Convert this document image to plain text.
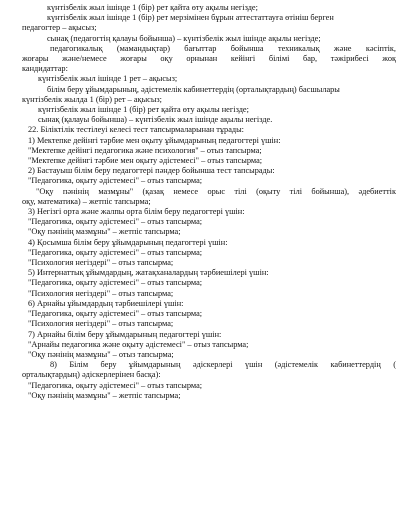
күнтізбелік жыл ішінде 1 (бір) рет қайта өту ақылы негізде;
күнтізбелік жыл ішінде 1 (бір) рет мерзімінен бұрын аттестаттауға өтініш берген
педагогтер – ақысыз;
сынақ (педагогтің қалауы бойынша) – күнтізбелік жыл ішінде ақылы негізде;
педагогикалық (мамандықтар) бағыттар бойынша техникалық және кәсіптік,
жоғары және/немесе жоғары оқу орнынан кейінгі білімі бар, тәжірибесі жоқ
кандидаттар:
күнтізбелік жыл ішінде 1 рет – ақысыз;
білім беру ұйымдарының, әдістемелік кабинеттердің (орталықтардың) басшылары
күнтізбелік жылда 1 (бір) рет – ақысыз;
күнтізбелік жыл ішінде 1 (бір) рет қайта өту ақылы негізде;
сынақ (қалауы бойынша) – күнтізбелік жыл ішінде ақылы негізде.
22. Біліктілік тестілеуі келесі тест тапсырмаларынан тұрады:
1) Мектепке дейінгі тәрбие мен оқыту ұйымдарының педагогтері үшін:
"Мектепке дейінгі педагогика және психология" – отыз тапсырма;
"Мектепке дейінгі тәрбие мен оқыту әдістемесі" – отыз тапсырма;
2) Бастауыш білім беру педагогтері пәндер бойынша тест тапсырады:
"Педагогика, оқыту әдістемесі" – отыз тапсырма;
"Оқу пәнінің мазмұны" (қазақ немесе орыс тілі (оқыту тілі бойынша), әдебиеттік
оқу, математика) – жетпіс тапсырма;
3) Негізгі орта және жалпы орта білім беру педагогтері үшін:
"Педагогика, оқыту әдістемесі" – отыз тапсырма;
"Оқу пәнінің мазмұны" – жетпіс тапсырма;
4) Қосымша білім беру ұйымдарының педагогтері үшін:
"Педагогика, оқыту әдістемесі" – отыз тапсырма;
"Психология негіздері" – отыз тапсырма;
5) Интернаттық ұйымдардың, жатақханалардың тәрбиешілері үшін:
"Педагогика, оқыту әдістемесі" – отыз тапсырма;
"Психология негіздері" – отыз тапсырма;
6) Арнайы ұйымдардың тәрбиешілері үшін:
"Педагогика, оқыту әдістемесі" – отыз тапсырма;
"Психология негіздері" – отыз тапсырма;
7) Арнайы білім беру ұйымдарының педагогтері үшін:
"Арнайы педагогика және оқыту әдістемесі" – отыз тапсырма;
"Оқу пәнінің мазмұны" – отыз тапсырма;
8) Білім беру ұйымдарының әдіскерлері үшін (әдістемелік кабинеттердің (
орталықтардың) әдіскерлерінен басқа):
"Педагогика, оқыту әдістемесі" – отыз тапсырма;
"Оқу пәнінің мазмұны" – жетпіс тапсырма;
